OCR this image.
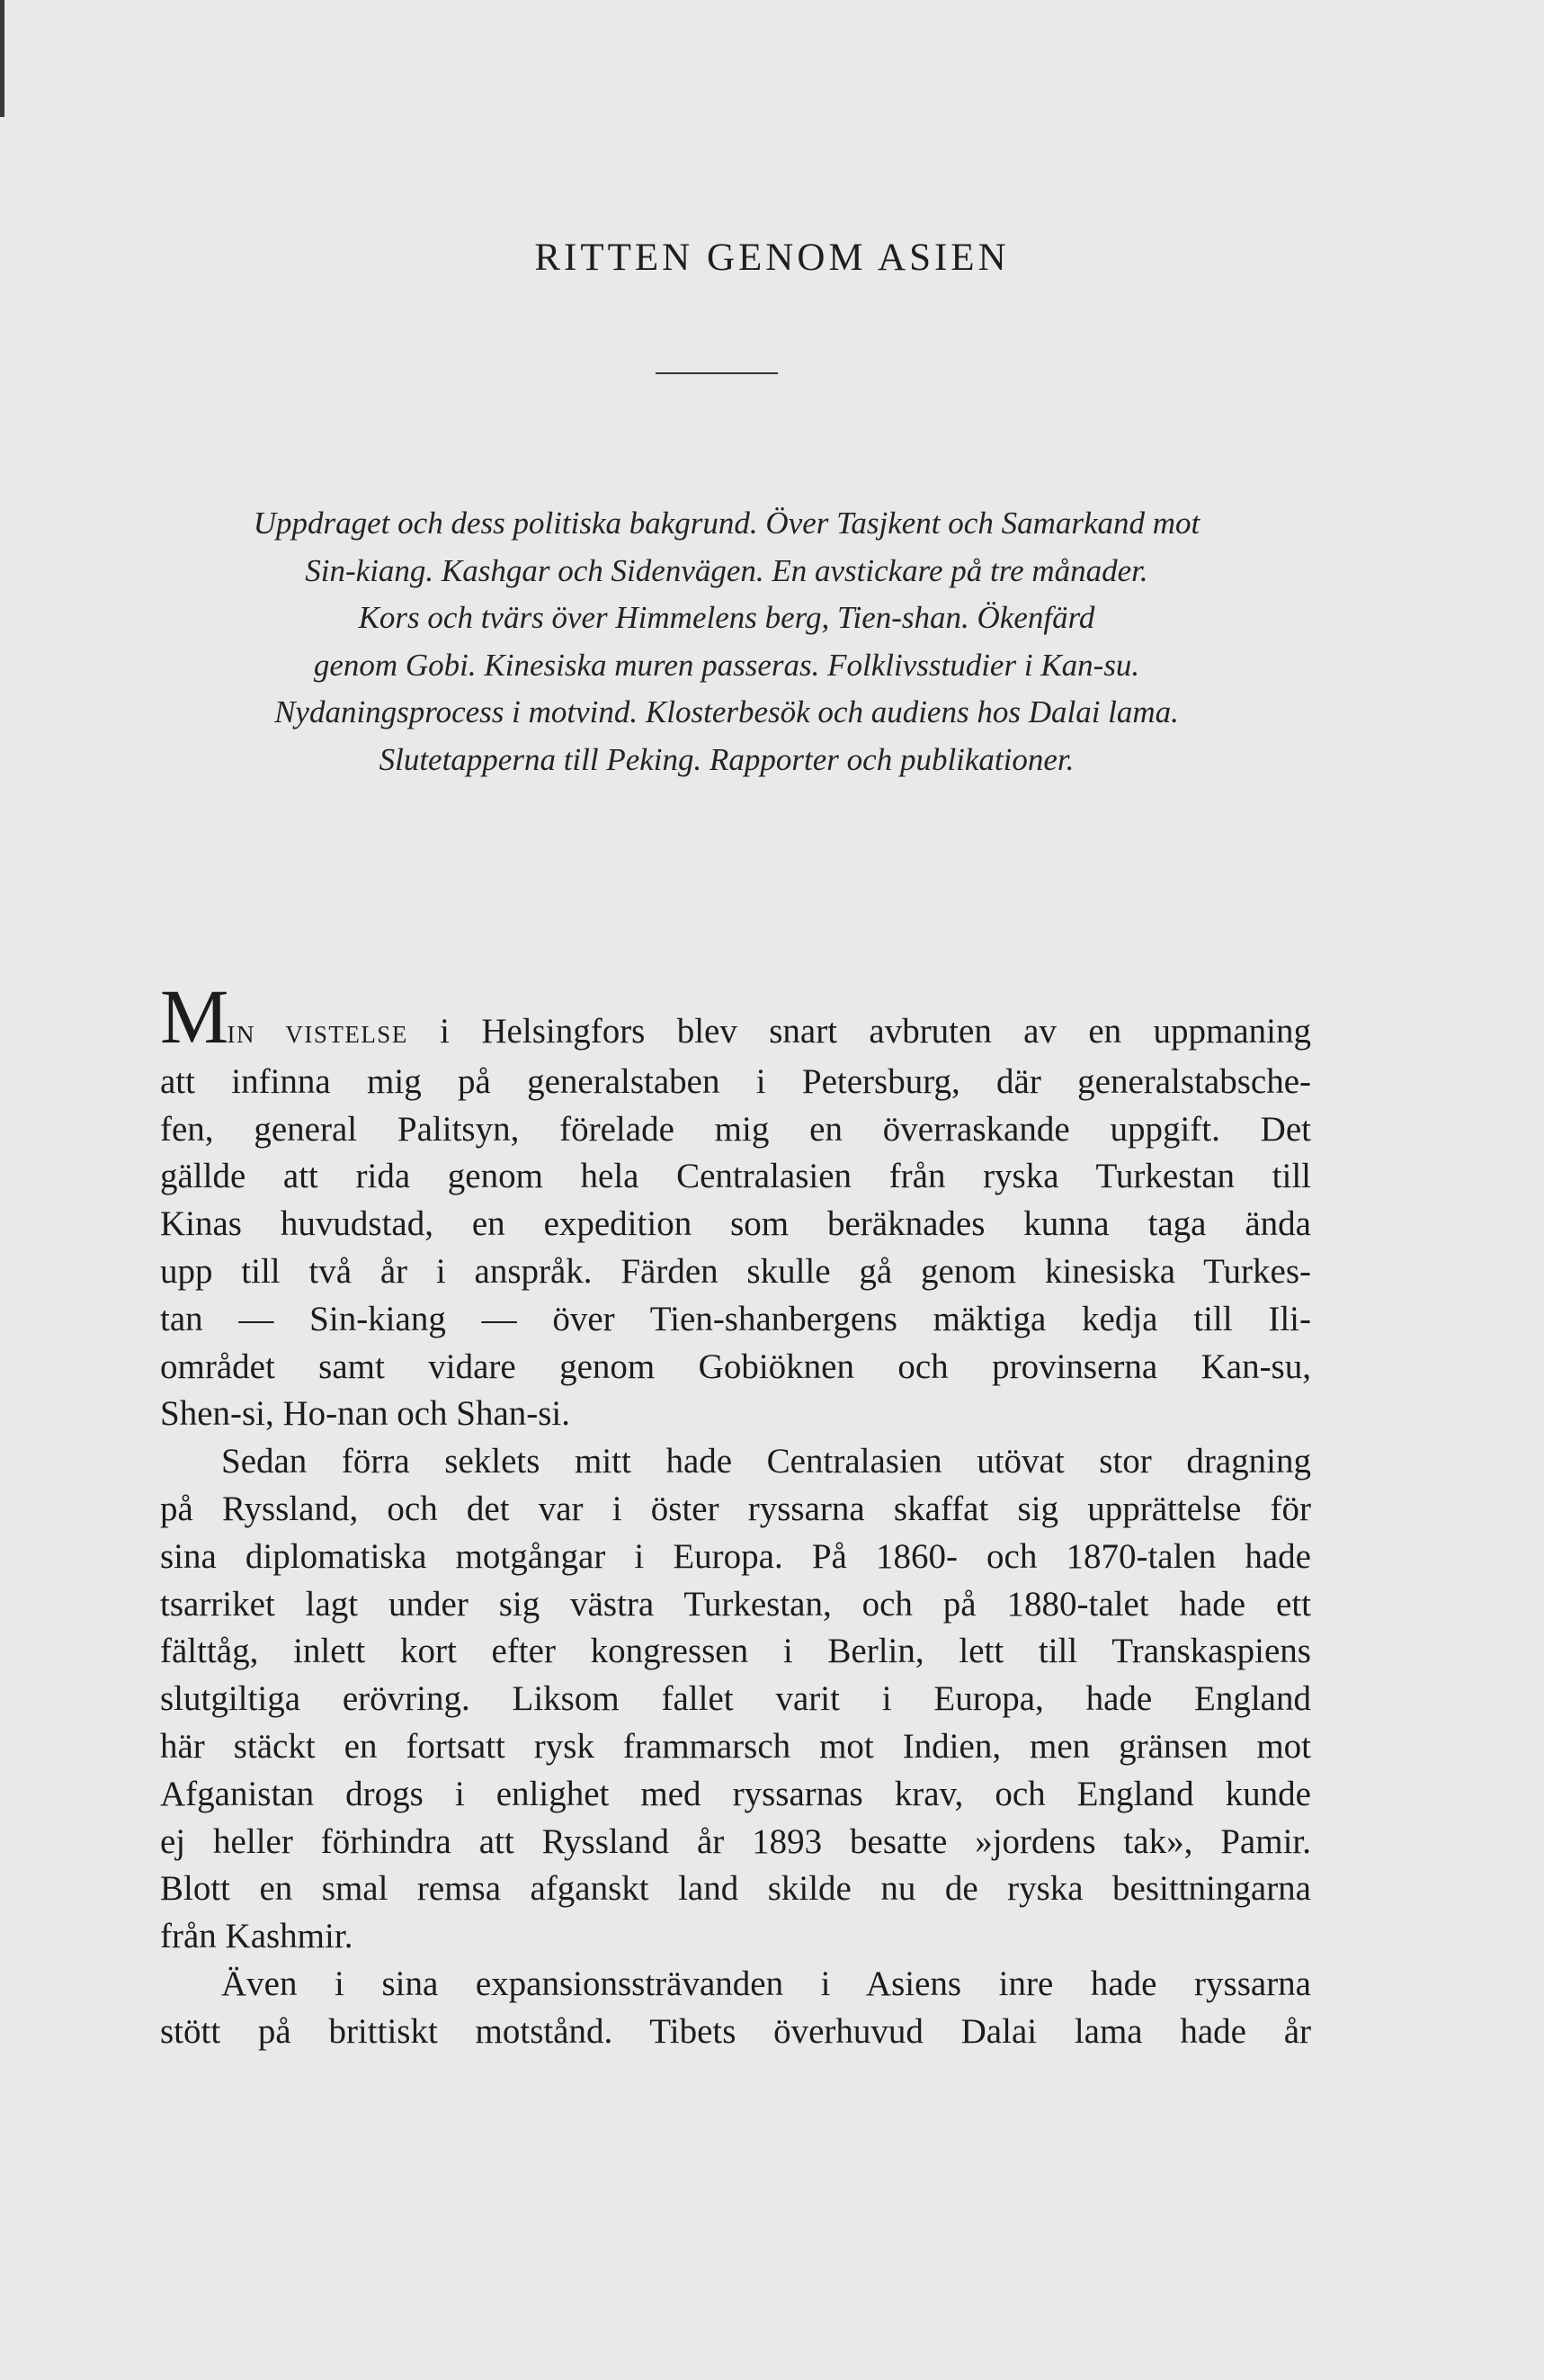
RITTEN GENOM ASIEN

Uppdraget och dess politiska bakgrund. Över Tasjkent och Samarkand mot

Sin-kiang. Kashgar och Sidenvägen. En avstickare på tre månader.

Kors och tvärs över Himmelens berg, Tien-shan. Ökenfärd

genom Gobi. Kinesiska muren passeras. Folklivsstudier i Kan-su.

Nydaningsprocess i motvind. Klosterbesök och audiens hos Dalai lama.

Slutetapperna till Peking. Rapporter och publikationer.

MIN VISTELSE i Helsingfors blev snart avbruten av en uppmaning

att infinna mig på generalstaben i Petersburg, där generalstabsche-

fen, general Palitsyn, förelade mig en överraskande uppgift. Det

gällde att rida genom hela Centralasien från ryska Turkestan till

Kinas huvudstad, en expedition som beräknades kunna taga ända

upp till två år i anspråk. Färden skulle gå genom kinesiska Turkes-

tan — Sin-kiang — över Tien-shanbergens mäktiga kedja till Ili-

området samt vidare genom Gobiöknen och provinserna Kan-su,

Shen-si, Ho-nan och Shan-si.

Sedan förra seklets mitt hade Centralasien utövat stor dragning

på Ryssland, och det var i öster ryssarna skaffat sig upprättelse för

sina diplomatiska motgångar i Europa. På 1860- och 1870-talen hade

tsarriket lagt under sig västra Turkestan, och på 1880-talet hade ett

fälttåg, inlett kort efter kongressen i Berlin, lett till Transkaspiens

slutgiltiga erövring. Liksom fallet varit i Europa, hade England

här stäckt en fortsatt rysk frammarsch mot Indien, men gränsen mot

Afganistan drogs i enlighet med ryssarnas krav, och England kunde

ej heller förhindra att Ryssland år 1893 besatte »jordens tak», Pamir.

Blott en smal remsa afganskt land skilde nu de ryska besittningarna

från Kashmir.

Även i sina expansionssträvanden i Asiens inre hade ryssarna

stött på brittiskt motstånd. Tibets överhuvud Dalai lama hade år
